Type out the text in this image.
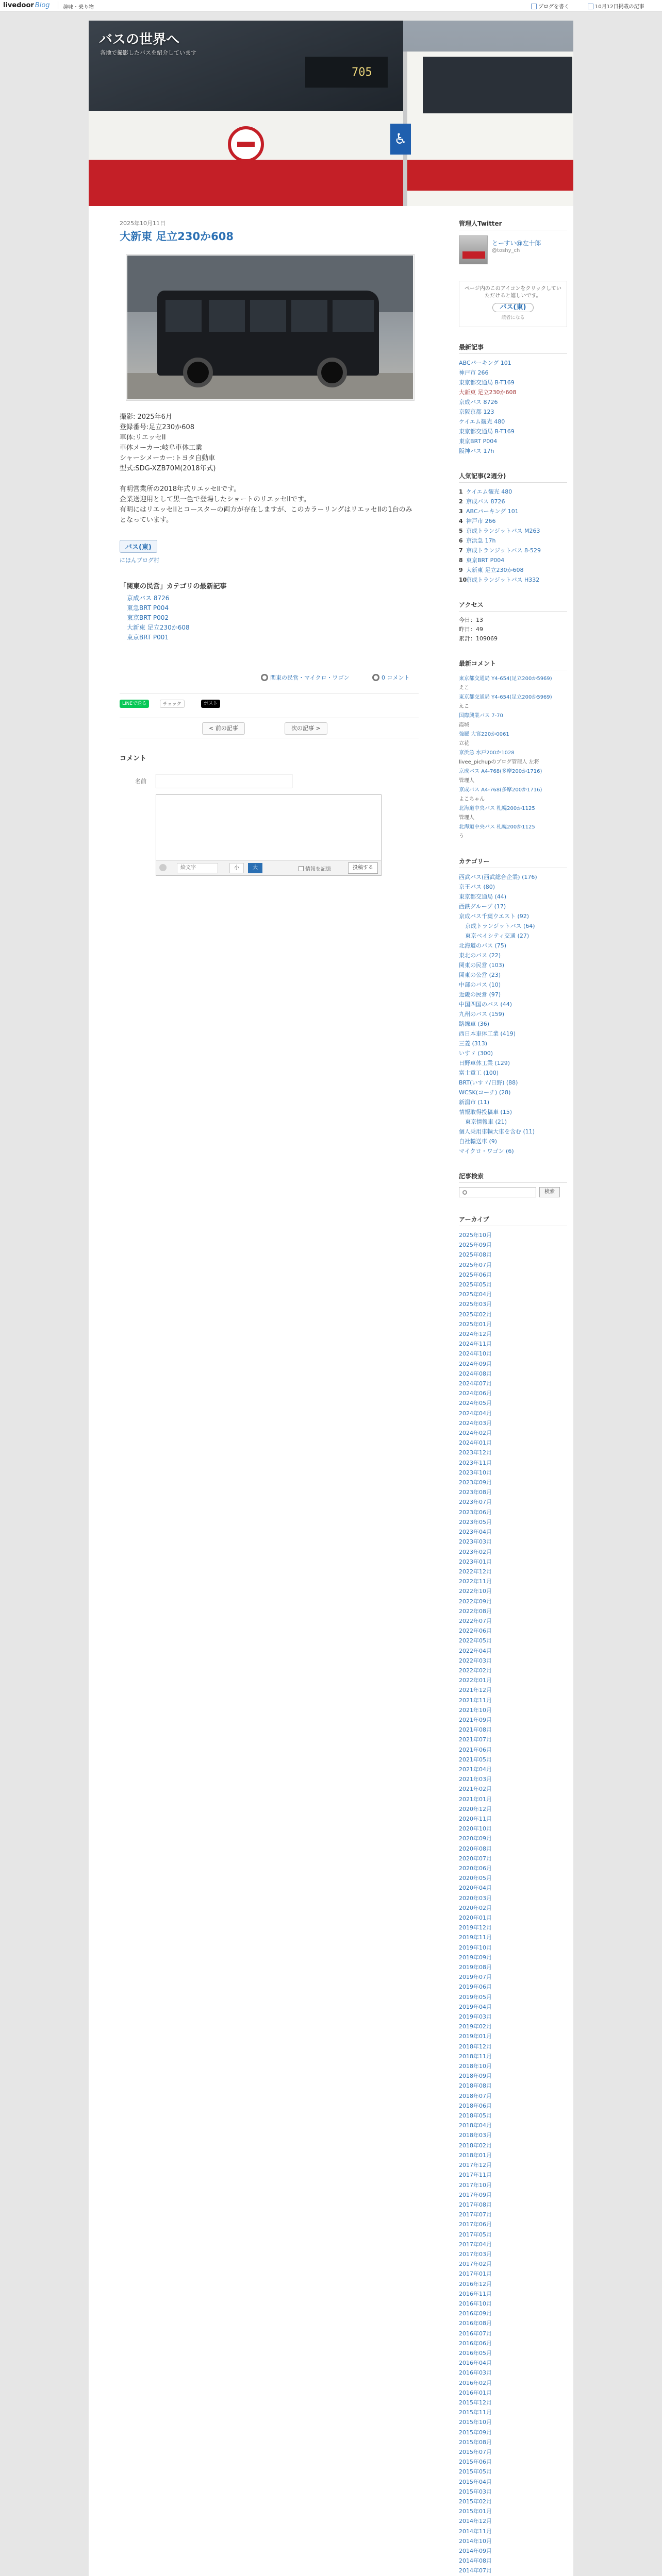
livedoor Blog	趣味・乗り物	ブログを書く	10月12日掲載の記事
705
♿
バスの世界へ
各地で撮影したバスを紹介しています
2025年10月11日
大新東 足立230か608

撮影: 2025年6月

登録番号:足立230か608

車体:リエッセII

車体メーカー:岐阜車体工業

シャーシメーカー:トヨタ自動車

型式:SDG-XZB70M(2018年式)

有明営業所の2018年式リエッセIIです。

企業送迎用として黒一色で登場したショートのリエッセIIです。

有明にはリエッセIIとコースターの両方が存在しますが、このカラーリングはリエッセIIの1台のみとなっています。

バス(東)
にほんブログ村
「関東の民営」カテゴリの最新記事
京成バス 8726
東急BRT P004
東京BRT P002
大新東 足立230か608
東京BRT P001
関東の民営・マイクロ・ワゴン	0 コメント
LINEで送る	チェック	ポスト
< 前の記事	次の記事 >
コメント
名前
絵文字	小	大	情報を記憶	投稿する
管理人Twitter
とーすい@左十郎
@toshy_ch
ページ内のこのアイコンをクリックしていただけると嬉しいです。
バス(東)
読者になる
最新記事
ABCパーキング 101
神戸市 266
東京都交通局 B-T169
大新東 足立230か608
京成バス 8726
京阪京都 123
ケイエム観光 480
東京都交通局 B-T169
東京BRT P004
阪神バス 17h
人気記事(2週分)
1 ケイエム観光 480
2 京成バス 8726
3 ABCパーキング 101
4 神戸市 266
5 京成トランジットバス M263
6 京浜急 17h
7 京成トランジットバス 8-529
8 東京BRT P004
9 大新東 足立230か608
10京成トランジットバス H332
アクセス
今日：13
昨日：49
累計：109069
最新コメント
東京都交通局 Y4-654(足立200か5969)
えこ
東京都交通局 Y4-654(足立200か5969)
えこ
国際興業バス 7-70
霞城
強羅 大宮220か0061
立花
京浜急 水戸200か1028
livee_pichupのブログ管理人 左将
京成バス A4-768(多摩200か1716)
管理人
京成バス A4-768(多摩200か1716)
よこちゃん
北海道中央バス 札幌200か1125
管理人
北海道中央バス 札幌200か1125
う
カテゴリー
西武バス(西武総合企業) (176)
京王バス (80)
東京都交通局 (44)
西鉄グループ (17)
京成バス千葉ウエスト (92)
京成トランジットバス (64)
東京ベイシティ交通 (27)
北海道のバス (75)
東北のバス (22)
関東の民営 (103)
関東の公営 (23)
中部のバス (10)
近畿の民営 (97)
中国四国のバス (44)
九州のバス (159)
路線車 (36)
西日本車体工業 (419)
三菱 (313)
いすゞ (300)
日野車体工業 (129)
富士重工 (100)
BRT(いすゞ/日野) (88)
WCSK(コーチ) (28)
新潟市 (11)
情報取得投稿車 (15)
東京情報車 (21)
個人乗用車輌大車を含む (11)
自社輸送車 (9)
マイクロ・ワゴン (6)
記事検索
検索
アーカイブ
2025年10月
2025年09月
2025年08月
2025年07月
2025年06月
2025年05月
2025年04月
2025年03月
2025年02月
2025年01月
2024年12月
2024年11月
2024年10月
2024年09月
2024年08月
2024年07月
2024年06月
2024年05月
2024年04月
2024年03月
2024年02月
2024年01月
2023年12月
2023年11月
2023年10月
2023年09月
2023年08月
2023年07月
2023年06月
2023年05月
2023年04月
2023年03月
2023年02月
2023年01月
2022年12月
2022年11月
2022年10月
2022年09月
2022年08月
2022年07月
2022年06月
2022年05月
2022年04月
2022年03月
2022年02月
2022年01月
2021年12月
2021年11月
2021年10月
2021年09月
2021年08月
2021年07月
2021年06月
2021年05月
2021年04月
2021年03月
2021年02月
2021年01月
2020年12月
2020年11月
2020年10月
2020年09月
2020年08月
2020年07月
2020年06月
2020年05月
2020年04月
2020年03月
2020年02月
2020年01月
2019年12月
2019年11月
2019年10月
2019年09月
2019年08月
2019年07月
2019年06月
2019年05月
2019年04月
2019年03月
2019年02月
2019年01月
2018年12月
2018年11月
2018年10月
2018年09月
2018年08月
2018年07月
2018年06月
2018年05月
2018年04月
2018年03月
2018年02月
2018年01月
2017年12月
2017年11月
2017年10月
2017年09月
2017年08月
2017年07月
2017年06月
2017年05月
2017年04月
2017年03月
2017年02月
2017年01月
2016年12月
2016年11月
2016年10月
2016年09月
2016年08月
2016年07月
2016年06月
2016年05月
2016年04月
2016年03月
2016年02月
2016年01月
2015年12月
2015年11月
2015年10月
2015年09月
2015年08月
2015年07月
2015年06月
2015年05月
2015年04月
2015年03月
2015年02月
2015年01月
2014年12月
2014年11月
2014年10月
2014年09月
2014年08月
2014年07月
